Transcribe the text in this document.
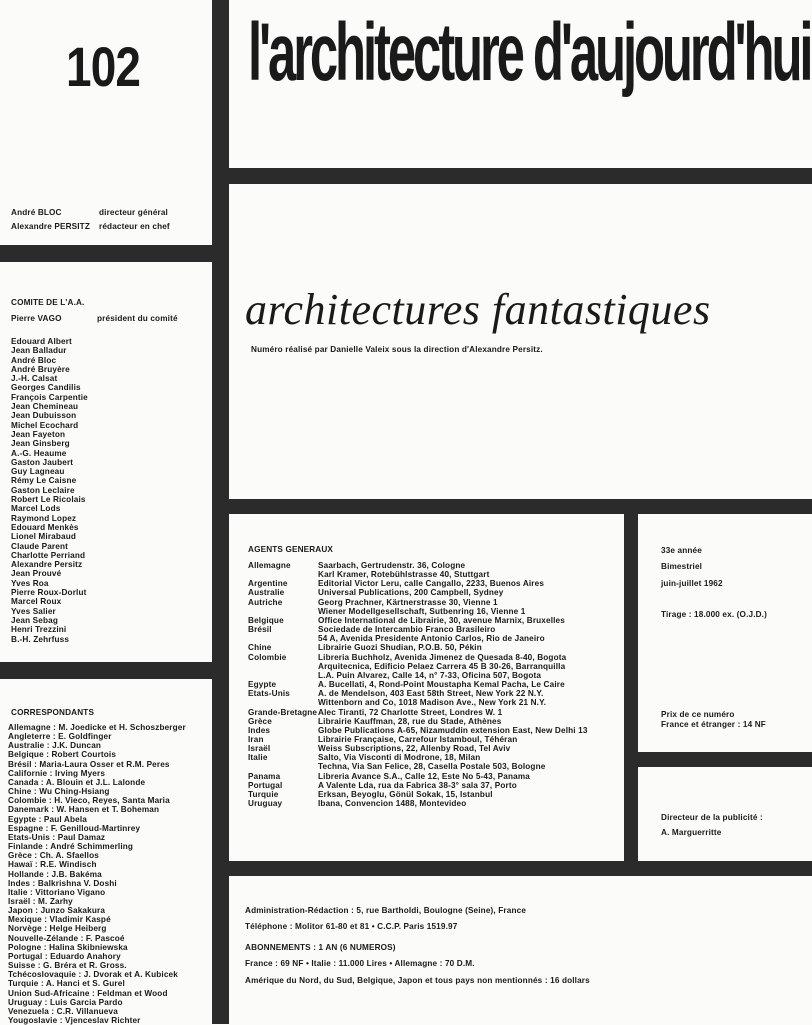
102 l'architecture d'aujourd'hui
André BLOC	directeur général
Alexandre PERSITZ	rédacteur en chef
COMITE DE L'A.A.
Pierre VAGO	président du comité
Edouard Albert
Jean Balladur
André Bloc
André Bruyère
J.-H. Calsat
Georges Candilis
François Carpentie
Jean Chemineau
Jean Dubuisson
Michel Ecochard
Jean Fayeton
Jean Ginsberg
A.-G. Heaume
Gaston Jaubert
Guy Lagneau
Rémy Le Caisne
Gaston Leclaire
Robert Le Ricolais
Marcel Lods
Raymond Lopez
Edouard Menkès
Lionel Mirabaud
Claude Parent
Charlotte Perriand
Alexandre Persitz
Jean Prouvé
Yves Roa
Pierre Roux-Dorlut
Marcel Roux
Yves Salier
Jean Sebag
Henri Trezzini
B.-H. Zehrfuss
CORRESPONDANTS
Allemagne : M. Joedicke et H. Schoszberger
Angleterre : E. Goldfinger
Australie : J.K. Duncan
Belgique : Robert Courtois
Brésil : Maria-Laura Osser et R.M. Peres
Californie : Irving Myers
Canada : A. Blouin et J.L. Lalonde
Chine : Wu Ching-Hsiang
Colombie : H. Vieco, Reyes, Santa Maria
Danemark : W. Hansen et T. Boheman
Egypte : Paul Abela
Espagne : F. Genilloud-Martinrey
Etats-Unis : Paul Damaz
Finlande : André Schimmerling
Grèce : Ch. A. Sfaellos
Hawaï : R.E. Windisch
Hollande : J.B. Bakéma
Indes : Balkrishna V. Doshi
Italie : Vittoriano Vigano
Israël : M. Zarhy
Japon : Junzo Sakakura
Mexique : Vladimir Kaspé
Norvège : Helge Heiberg
Nouvelle-Zélande : F. Pascoé
Pologne : Halina Skibniewska
Portugal : Eduardo Anahory
Suisse : G. Bréra et R. Gross.
Tchécoslovaquie : J. Dvorak et A. Kubicek
Turquie : A. Hanci et S. Gurel
Union Sud-Africaine : Feldman et Wood
Uruguay : Luis Garcia Pardo
Venezuela : C.R. Villanueva
Yougoslavie : Vjenceslav Richter
architectures fantastiques
Numéro réalisé par Danielle Valeix sous la direction d'Alexandre Persitz.
AGENTS GENERAUX
Allemagne	Saarbach, Gertrudenstr. 36, Cologne
Karl Kramer, Rotebühlstrasse 40, Stuttgart
Argentine	Editorial Victor Leru, calle Cangallo, 2233, Buenos Aires
Australie	Universal Publications, 200 Campbell, Sydney
Autriche	Georg Prachner, Kärtnerstrasse 30, Vienne 1
Wiener Modellgesellschaft, Sutbenring 16, Vienne 1
Belgique	Office International de Librairie, 30, avenue Marnix, Bruxelles
Brésil	Sociedade de Intercambio Franco Brasileiro
54 A, Avenida Presidente Antonio Carlos, Rio de Janeiro
Chine	Librairie Guozi Shudian, P.O.B. 50, Pékin
Colombie	Libreria Buchholz, Avenida Jimenez de Quesada 8-40, Bogota
Arquitecnica, Edificio Pelaez Carrera 45 B 30-26, Barranquilla
L.A. Puin Alvarez, Calle 14, n° 7-33, Oficina 507, Bogota
Egypte	A. Bucellati, 4, Rond-Point Moustapha Kemal Pacha, Le Caire
Etats-Unis	A. de Mendelson, 403 East 58th Street, New York 22 N.Y.
Wittenborn and Co, 1018 Madison Ave., New York 21 N.Y.
Grande-Bretagne Alec Tiranti, 72 Charlotte Street, Londres W. 1
Grèce	Librairie Kauffman, 28, rue du Stade, Athènes
Indes	Globe Publications A-65, Nizamuddin extension East, New Delhi 13
Iran	Librairie Française, Carrefour Istamboul, Téhéran
Israël	Weiss Subscriptions, 22, Allenby Road, Tel Aviv
Italie	Salto, Via Visconti di Modrone, 18, Milan
Techna, Via San Felice, 28, Casella Postale 503, Bologne
Panama	Libreria Avance S.A., Calle 12, Este No 5-43, Panama
Portugal	A Valente Lda, rua da Fabrica 38-3° sala 37, Porto
Turquie	Erksan, Beyoglu, Gönül Sokak, 15, Istanbul
Uruguay	Ibana, Convencion 1488, Montevideo
33e année
Bimestriel
juin-juillet 1962
Tirage : 18.000 ex. (O.J.D.)
Prix de ce numéro
France et étranger : 14 NF
Directeur de la publicité :
A. Marguerritte
Administration-Rédaction : 5, rue Bartholdi, Boulogne (Seine), France
Téléphone : Molitor 61-80 et 81 • C.C.P. Paris 1519.97
ABONNEMENTS : 1 AN (6 NUMEROS)
France : 69 NF • Italie : 11.000 Lires • Allemagne : 70 D.M.
Amérique du Nord, du Sud, Belgique, Japon et tous pays non mentionnés : 16 dollars
